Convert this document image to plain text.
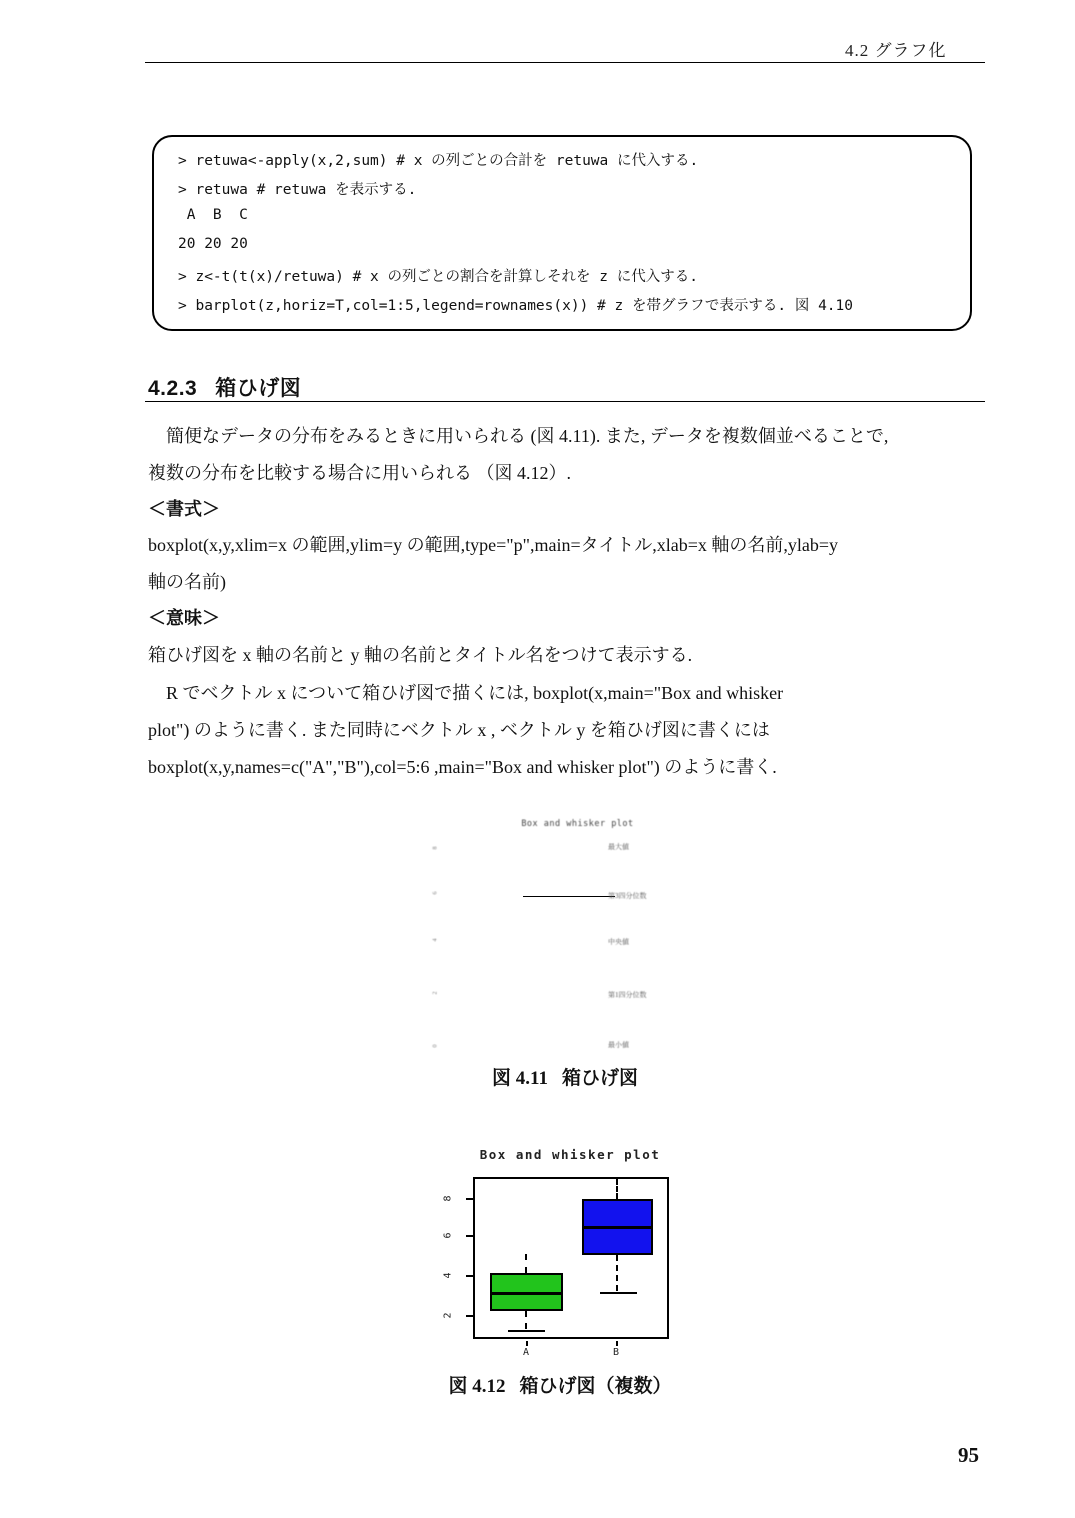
4.2 グラフ化
> retuwa<-apply(x,2,sum) # x の列ごとの合計を retuwa に代入する.
> retuwa # retuwa を表示する.
A  B  C
20 20 20
> z<-t(t(x)/retuwa) # x の列ごとの割合を計算しそれを z に代入する.
> barplot(z,horiz=T,col=1:5,legend=rownames(x)) # z を帯グラフで表示する. 図 4.10
4.2.3 箱ひげ図
簡便なデータの分布をみるときに用いられる (図 4.11). また, データを複数個並べることで,
複数の分布を比較する場合に用いられる （図 4.12）.
＜書式＞
boxplot(x,y,xlim=x の範囲,ylim=y の範囲,type="p",main=タイトル,xlab=x 軸の名前,ylab=y
軸の名前)
＜意味＞
箱ひげ図を x 軸の名前と y 軸の名前とタイトル名をつけて表示する.
R でベクトル x について箱ひげ図で描くには, boxplot(x,main="Box and whisker
plot") のように書く. また同時にベクトル x , ベクトル y を箱ひげ図に書くには
boxplot(x,y,names=c("A","B"),col=5:6 ,main="Box and whisker plot") のように書く.
Box and whisker plot
8
6
4
2
0
最大値
第3四分位数
中央値
第1四分位数
最小値
図 4.11 箱ひげ図
Box and whisker plot
8
6
4
2
A	B
図 4.12 箱ひげ図（複数）
95
